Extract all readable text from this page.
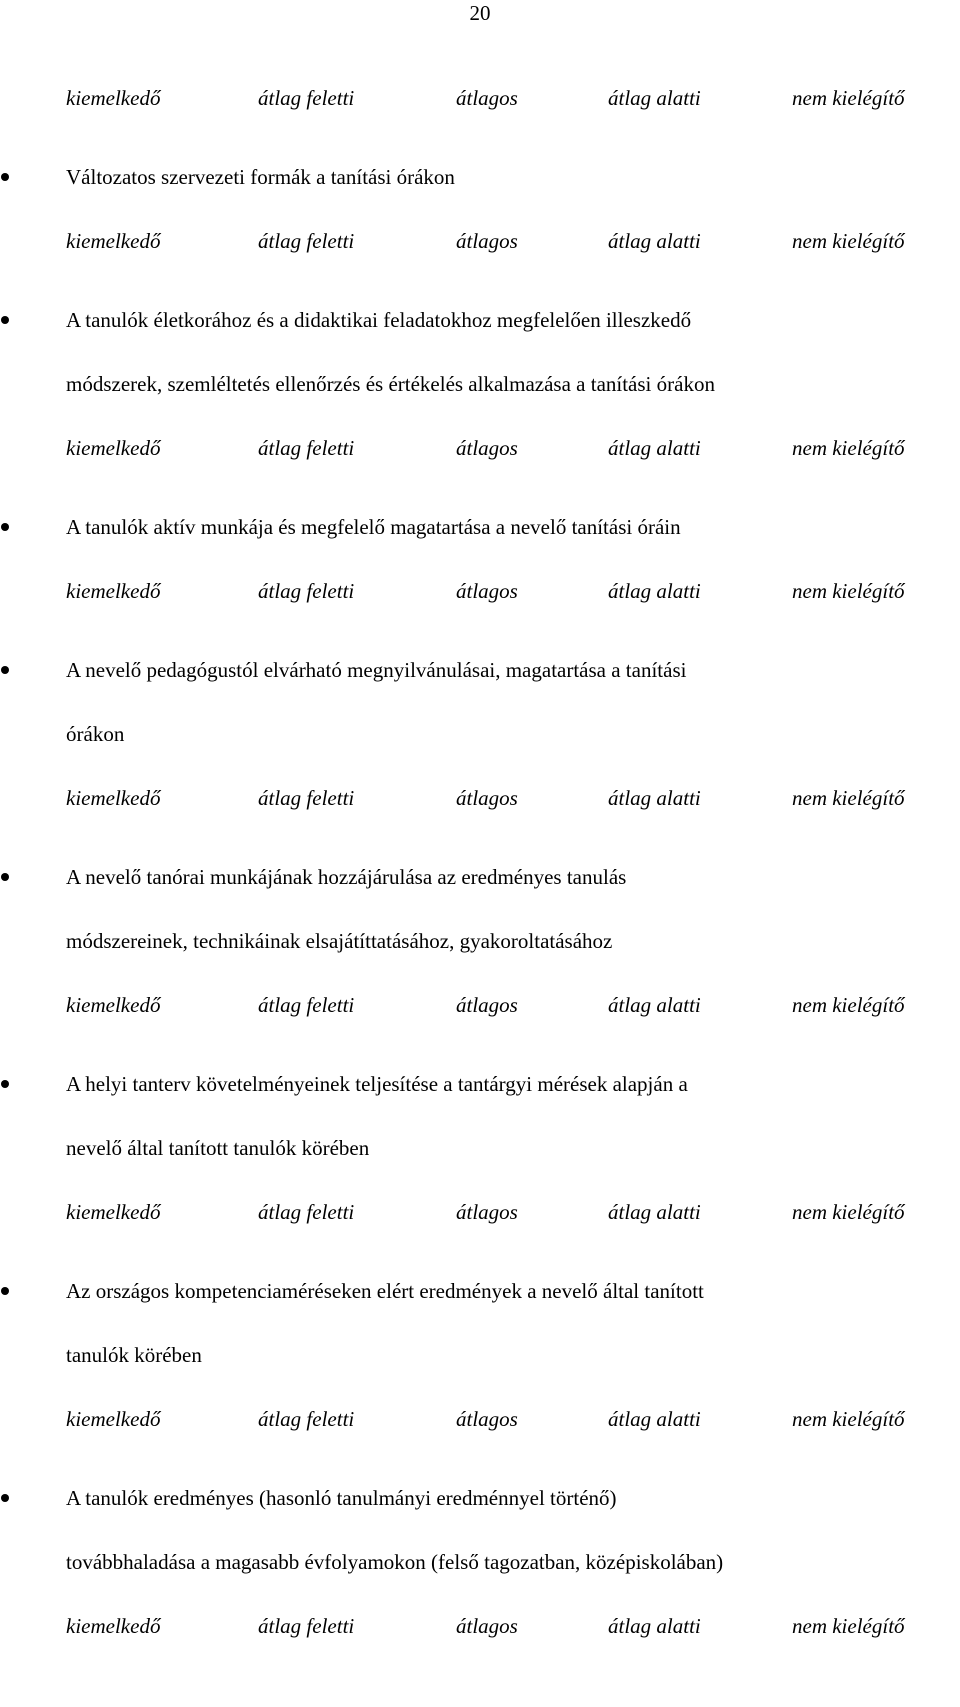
20
kiemelkedő	átlag feletti	átlagos	átlag alatti	nem kielégítő
Változatos szervezeti formák a tanítási órákon
kiemelkedő	átlag feletti	átlagos	átlag alatti	nem kielégítő
A tanulók életkorához és a didaktikai feladatokhoz megfelelően illeszkedő
módszerek, szemléltetés ellenőrzés és értékelés alkalmazása a tanítási órákon
kiemelkedő	átlag feletti	átlagos	átlag alatti	nem kielégítő
A tanulók aktív munkája és megfelelő magatartása a nevelő tanítási óráin
kiemelkedő	átlag feletti	átlagos	átlag alatti	nem kielégítő
A nevelő pedagógustól elvárható megnyilvánulásai, magatartása a tanítási
órákon
kiemelkedő	átlag feletti	átlagos	átlag alatti	nem kielégítő
A nevelő tanórai munkájának hozzájárulása az eredményes tanulás
módszereinek, technikáinak elsajátíttatásához, gyakoroltatásához
kiemelkedő	átlag feletti	átlagos	átlag alatti	nem kielégítő
A helyi tanterv követelményeinek teljesítése a tantárgyi mérések alapján a
nevelő által tanított tanulók körében
kiemelkedő	átlag feletti	átlagos	átlag alatti	nem kielégítő
Az országos kompetenciaméréseken elért eredmények a nevelő által tanított
tanulók körében
kiemelkedő	átlag feletti	átlagos	átlag alatti	nem kielégítő
A tanulók eredményes (hasonló tanulmányi eredménnyel történő)
továbbhaladása a magasabb évfolyamokon (felső tagozatban, középiskolában)
kiemelkedő	átlag feletti	átlagos	átlag alatti	nem kielégítő
